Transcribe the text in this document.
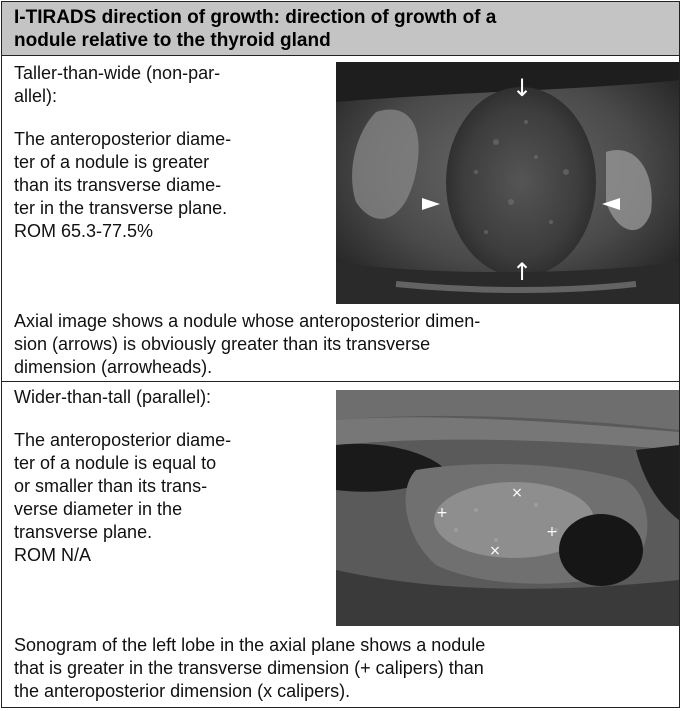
I-TIRADS direction of growth: direction of growth of a
nodule relative to the thyroid gland

Taller-than-wide (non-par-

allel):

The anteroposterior diame-

ter of a nodule is greater

than its transverse diame-

ter in the transverse plane.

ROM 65.3-77.5%

↓
↑
Axial image shows a nodule whose anteroposterior dimen-
sion (arrows) is obviously greater than its transverse
dimension (arrowheads).

Wider-than-tall (parallel):

The anteroposterior diame-

ter of a nodule is equal to

or smaller than its trans-

verse diameter in the

transverse plane.

ROM N/A

+
+
×
×
Sonogram of the left lobe in the axial plane shows a nodule
that is greater in the transverse dimension (+ calipers) than
the anteroposterior dimension (x calipers).
